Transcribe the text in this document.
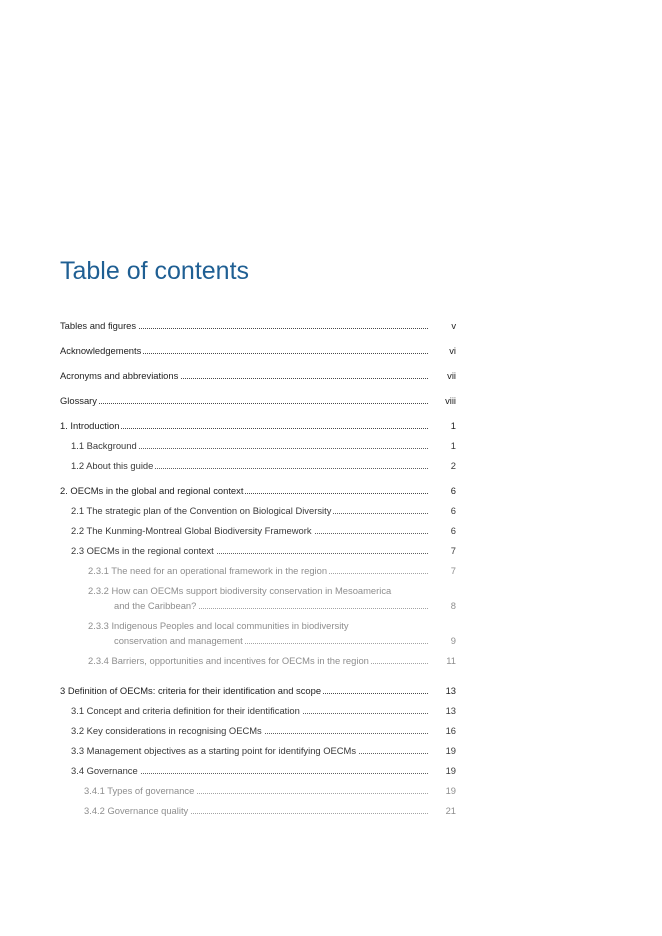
Table of contents
Tables and figures	v
Acknowledgements	vi
Acronyms and abbreviations	vii
Glossary	viii
1. Introduction	1
1.1 Background	1
1.2 About this guide	2
2. OECMs in the global and regional context	6
2.1 The strategic plan of the Convention on Biological Diversity	6
2.2 The Kunming-Montreal Global Biodiversity Framework	6
2.3 OECMs in the regional context	7
2.3.1 The need for an operational framework in the region	7
2.3.2 How can OECMs support biodiversity conservation in Mesoamerica
and the Caribbean?	8
2.3.3 Indigenous Peoples and local communities in biodiversity
conservation and management	9
2.3.4 Barriers, opportunities and incentives for OECMs in the region	11
3 Definition of OECMs: criteria for their identification and scope	13
3.1 Concept and criteria definition for their identification	13
3.2 Key considerations in recognising OECMs	16
3.3 Management objectives as a starting point for identifying OECMs	19
3.4 Governance	19
3.4.1 Types of governance	19
3.4.2 Governance quality	21
